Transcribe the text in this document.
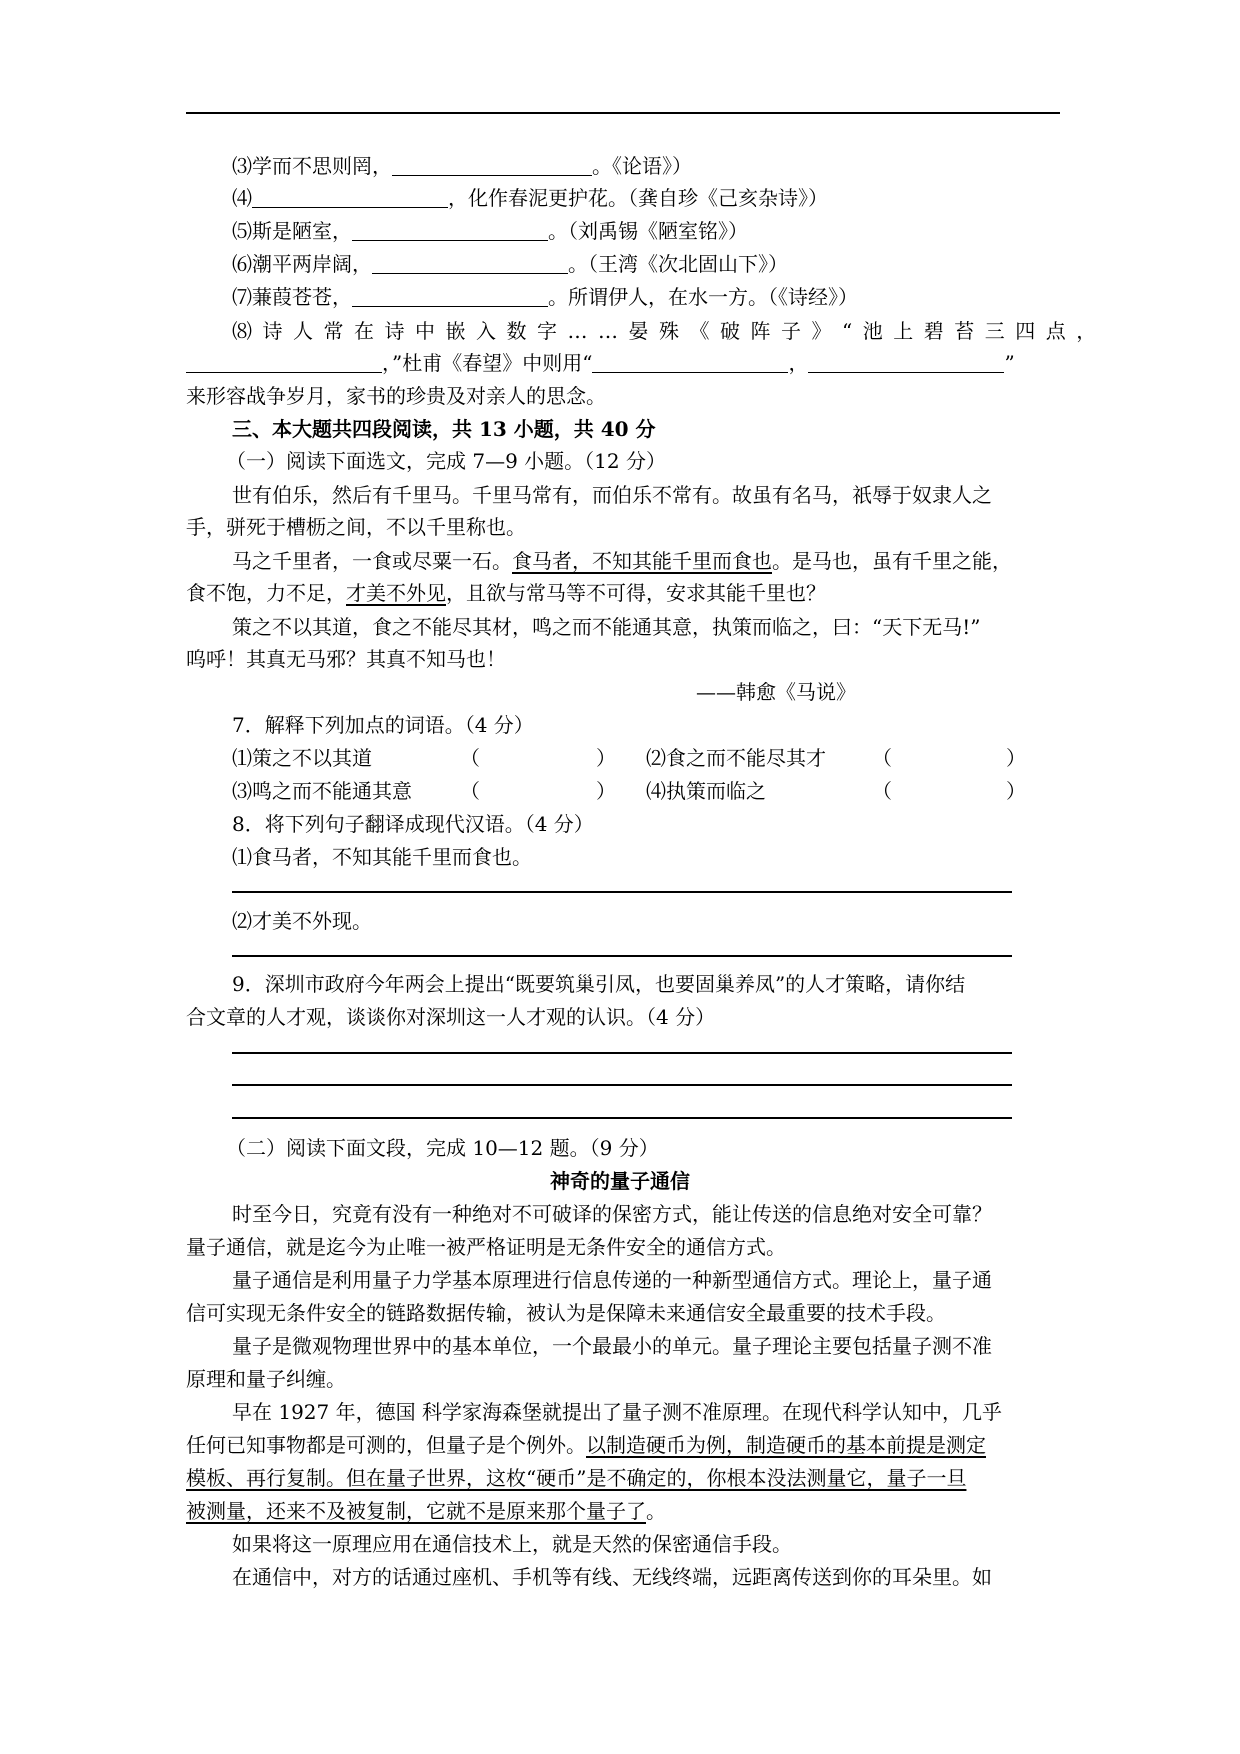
⑶学而不思则罔，	。《论语》）
⑷	，化作春泥更护花。（龚自珍《己亥杂诗》）
⑸斯是陋室，	。（刘禹锡《陋室铭》）
⑹潮平两岸阔，	。（王湾《次北固山下》）
⑺蒹葭苍苍，	。所谓伊人，在水一方。（《诗经》）
⑻诗人常在诗中嵌入数字……晏殊《破阵子》“池上碧苔三四点，
，”杜甫《春望》中则用“	，	”
来形容战争岁月，家书的珍贵及对亲人的思念。
三、本大题共四段阅读，共 13 小题，共 40 分
（一）阅读下面选文，完成 7—9 小题。（12 分）
世有伯乐，然后有千里马。千里马常有，而伯乐不常有。故虽有名马，祇辱于奴隶人之
手，骈死于槽枥之间，不以千里称也。
马之千里者，一食或尽粟一石。食马者，不知其能千里而食也。是马也，虽有千里之能，
食不饱，力不足，才美不外见，且欲与常马等不可得，安求其能千里也？
策之不以其道，食之不能尽其材，鸣之而不能通其意，执策而临之，曰：“天下无马!”
呜呼！其真无马邪？其真不知马也！
——韩愈《马说》
7．解释下列加点的词语。（4 分）
⑴策之不以其道	（	） ⑵食之而不能尽其才 （	）
⑶鸣之而不能通其意 （	） ⑷执策而临之	（	）
8．将下列句子翻译成现代汉语。（4 分）
⑴食马者，不知其能千里而食也。
⑵才美不外现。
9．深圳市政府今年两会上提出“既要筑巢引凤，也要固巢养凤”的人才策略，请你结
合文章的人才观，谈谈你对深圳这一人才观的认识。（4 分）
（二）阅读下面文段，完成 10—12 题。（9 分）
神奇的量子通信
时至今日，究竟有没有一种绝对不可破译的保密方式，能让传送的信息绝对安全可靠？
量子通信，就是迄今为止唯一被严格证明是无条件安全的通信方式。
量子通信是利用量子力学基本原理进行信息传递的一种新型通信方式。理论上，量子通
信可实现无条件安全的链路数据传输，被认为是保障未来通信安全最重要的技术手段。
量子是微观物理世界中的基本单位，一个最最小的单元。量子理论主要包括量子测不准
原理和量子纠缠。
早在 1927 年，德国 科学家海森堡就提出了量子测不准原理。在现代科学认知中，几乎
任何已知事物都是可测的，但量子是个例外。以制造硬币为例，制造硬币的基本前提是测定
模板、再行复制。但在量子世界，这枚“硬币”是不确定的，你根本没法测量它，量子一旦
被测量，还来不及被复制，它就不是原来那个量子了。
如果将这一原理应用在通信技术上，就是天然的保密通信手段。
在通信中，对方的话通过座机、手机等有线、无线终端，远距离传送到你的耳朵里。如
